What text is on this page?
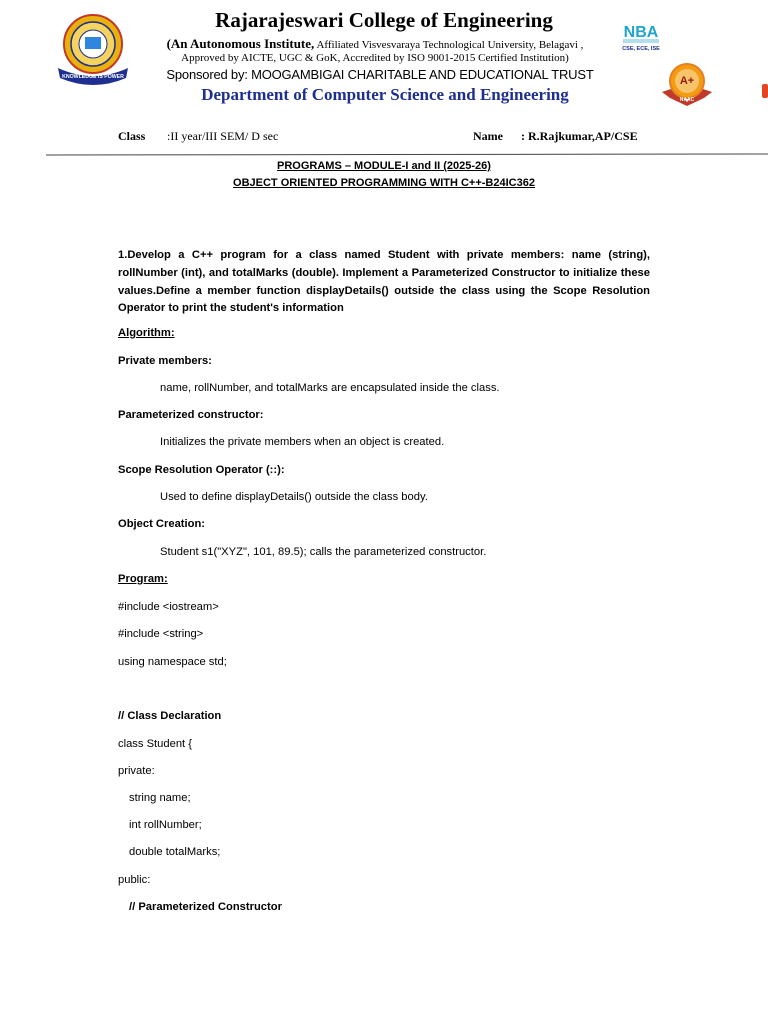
KNOWLEDGE IS POWER
Rajarajeswari College of Engineering
(An Autonomous Institute, Affiliated Visvesvaraya Technological University, Belagavi ,
Approved by AICTE, UGC & GoK, Accredited by ISO 9001-2015 Certified Institution)
Sponsored by: MOOGAMBIGAI CHARITABLE AND EDUCATIONAL TRUST
Department of Computer Science and Engineering
NBA
CSE, ECE, ISE
A+
NAAC
Class :II year/III SEM/ D sec	Name : R.Rajkumar,AP/CSE
PROGRAMS – MODULE-I and II (2025-26)
OBJECT ORIENTED PROGRAMMING WITH C++-B24IC362
1.Develop a C++ program for a class named Student with private members: name (string), rollNumber (int), and totalMarks (double). Implement a Parameterized Constructor to initialize these values.Define a member function displayDetails() outside the class using the Scope Resolution Operator to print the student's information
Algorithm:
Private members:
name, rollNumber, and totalMarks are encapsulated inside the class.
Parameterized constructor:
Initializes the private members when an object is created.
Scope Resolution Operator (::):
Used to define displayDetails() outside the class body.
Object Creation:
Student s1("XYZ", 101, 89.5); calls the parameterized constructor.
Program:
#include <iostream>
#include <string>
using namespace std;
// Class Declaration
class Student {
private:
string name;
int rollNumber;
double totalMarks;
public:
// Parameterized Constructor
